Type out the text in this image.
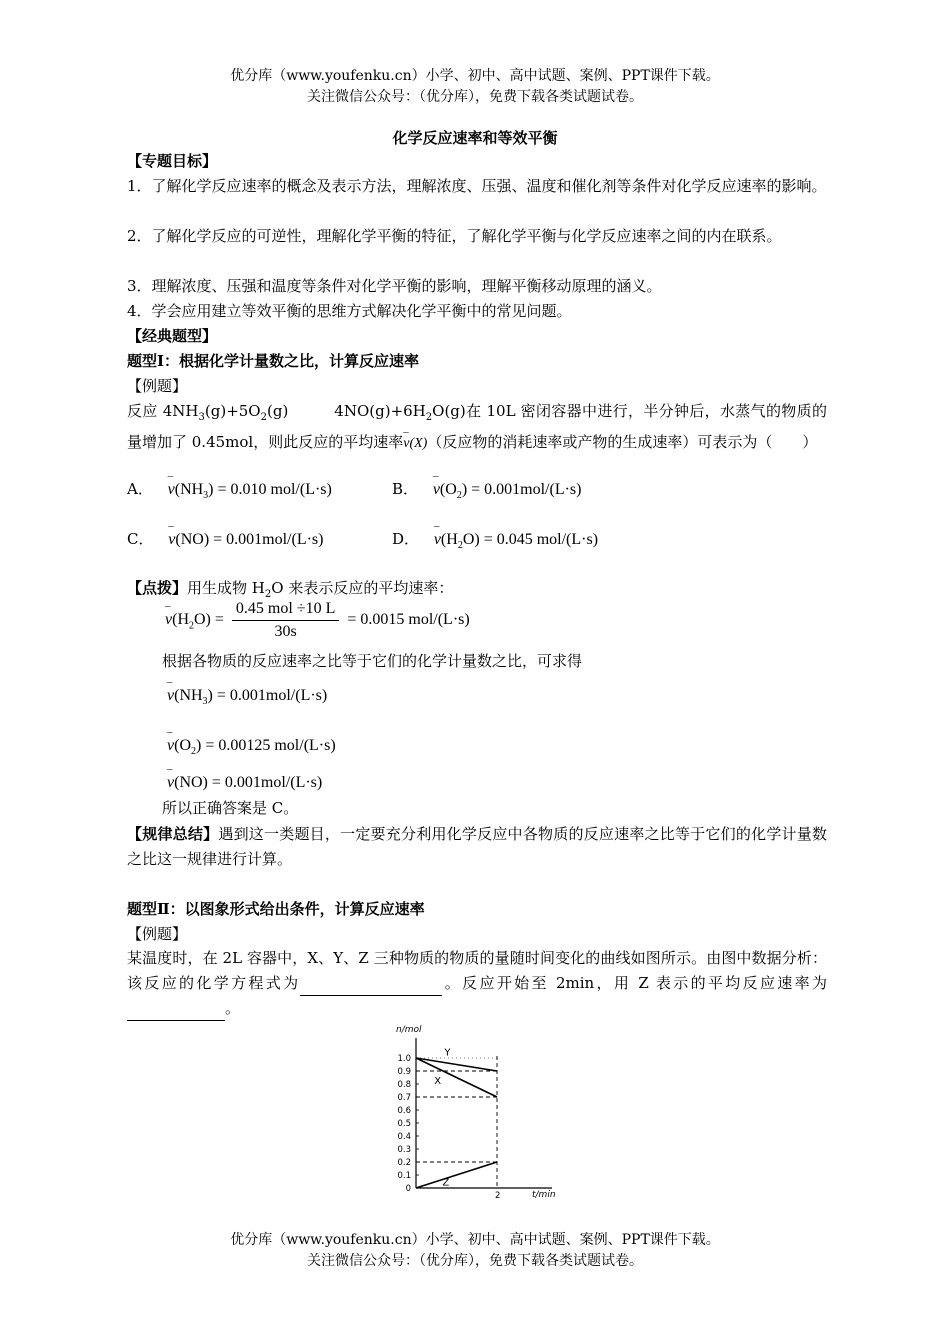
优分库（www.youfenku.cn）小学、初中、高中试题、案例、PPT课件下载。
关注微信公众号：（优分库），免费下载各类试题试卷。
化学反应速率和等效平衡
【专题目标】
1．了解化学反应速率的概念及表示方法，理解浓度、压强、温度和催化剂等条件对化学反应速率的影响。
2．了解化学反应的可逆性，理解化学平衡的特征，了解化学平衡与化学反应速率之间的内在联系。
3．理解浓度、压强和温度等条件对化学平衡的影响，理解平衡移动原理的涵义。
4．学会应用建立等效平衡的思维方式解决化学平衡中的常见问题。
【经典题型】
题型Ⅰ：根据化学计量数之比，计算反应速率
【例题】
反应 $4NH_3(g)+5O_2(g)$	$4NO(g)+6H_2O(g)$在 10L 密闭容器中进行，半分钟后，水蒸气的物质的量增加了 0.45mol，则此反应的平均速率– v(X)（反应物的消耗速率或产物的生成速率）可表示为（　　）
A． – $v(NH_3) = 0.010$ mol/(L·s)	B． – $v(O_2) = 0.001mol/(L\cdot s)$
C． – v(NO) = 0.001mol/(L·s)	D． – $v(H_2O) = 0.045$ mol/(L·s)
【点拨】用生成物 $H_2O$ 来表示反应的平均速率：
– $v(H_2O) = \frac{\text{0.45 mol ÷10 L}}{30s} = 0.0015$ mol/(L·s)
根据各物质的反应速率之比等于它们的化学计量数之比，可求得
– $v(NH_3) = 0.001mol/(L\cdot s)$
– $v(O_2) = 0.00125$ mol/(L·s)
– v(NO) = 0.001mol/(L·s)
所以正确答案是 C。
【规律总结】遇到这一类题目，一定要充分利用化学反应中各物质的反应速率之比等于它们的化学计量数之比这一规律进行计算。
题型Ⅱ：以图象形式给出条件，计算反应速率
【例题】
某温度时，在 2L 容器中，X、Y、Z 三种物质的物质的量随时间变化的曲线如图所示。由图中数据分析：该反应的化学方程式为	。反应开始至 2min，用 Z 表示的平均反应速率为。
n/mol
t/min
0
0.1
0.2
0.3
0.4
0.5
0.6
0.7
0.8
0.9
1.0
2
Y
X
Z
优分库（www.youfenku.cn）小学、初中、高中试题、案例、PPT课件下载。
关注微信公众号：（优分库），免费下载各类试题试卷。
